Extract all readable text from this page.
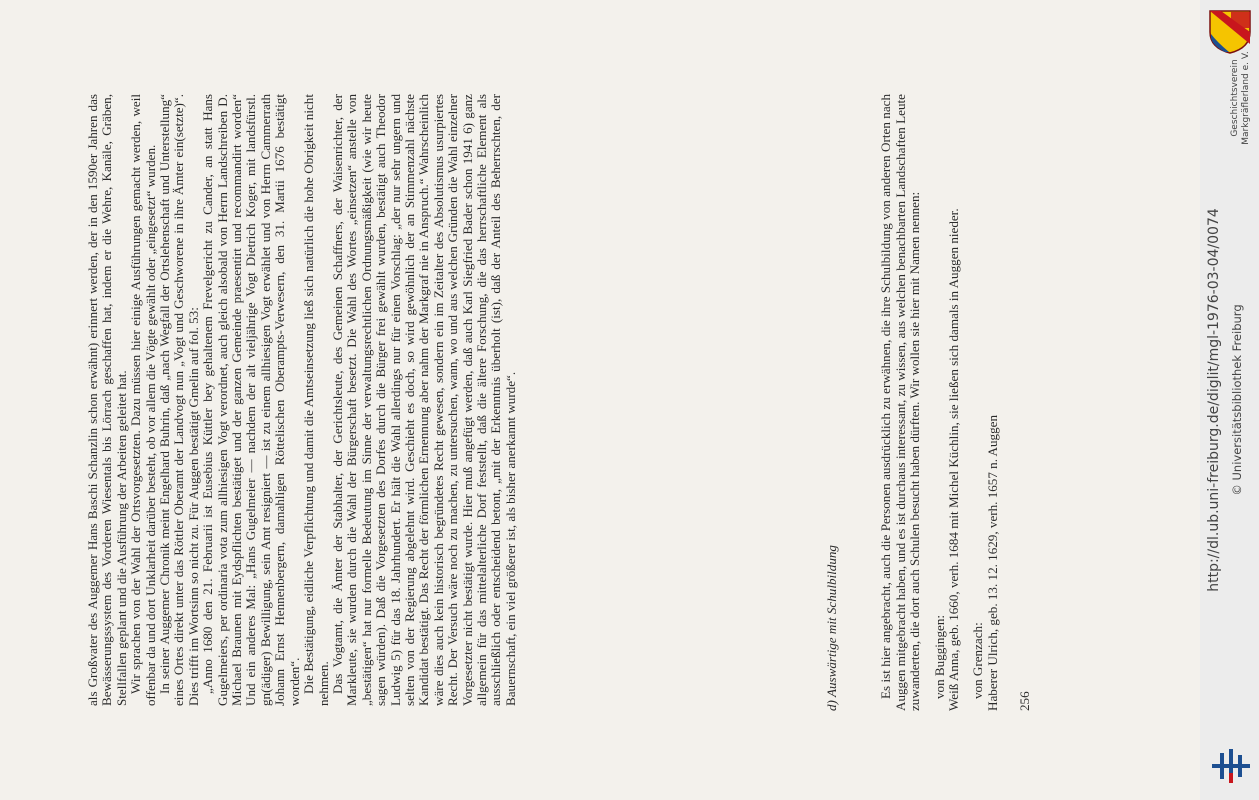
als Großvater des Auggemer Hans Baschi Schanzlin schon erwähnt) erinnert werden, der in den 1590er Jahren das Bewässerungssystem des Vorderen Wiesentals bis Lörrach geschaffen hat, indem er die Wehre, Kanäle, Gräben, Stellfallen geplant und die Ausführung der Arbeiten geleitet hat. Wir sprachen von der Wahl der Ortsvorgesetzten. Dazu müssen hier einige Ausführungen gemacht werden, weil offenbar da und dort Unklarheit darüber besteht, ob vor allem die Vögte gewählt oder „eingesetzt“ wurden. In seiner Auggemer Chronik meint Engelhard Buhrin, daß „nach Wegfall der Ortslehenschaft und Unterstellung“ eines Ortes direkt unter das Röttler Oberamt der Landvogt nun „Vogt und Geschworene in ihre Ämter ein(setzte)“. Dies trifft im Wortsinn so nicht zu. Für Auggen bestätigt Gmelin auf fol. 53: „Anno 1680 den 21. Februarii ist Eusebius Küttler bey gehaltenem Frevelgericht zu Cander, an statt Hans Gugelmeiers, per ordinaria vota zum allhiesigen Vogt verordnet, auch gleich alsobald von Herrn Landschreiben D. Michael Braunen mit Eydspflichten bestätiget und der ganzen Gemeinde praesentirt und recommandirt worden“ Und ein anderes Mal: „Hans Gugelmeier — nachdem der alt vieljährige Vogt Dietrich Koger, mit landsfürstl. gn(ädiger) Bewilligung, sein Amt resigniert — ist zu einem allhiesigen Vogt erwählet und von Herrn Cammerrath Johann Ernst Hennenbergern, damahligen Röttelischen Oberampts-Verwesern, den 31. Martii 1676 bestätigt worden“. Die Bestätigung, eidliche Verpflichtung und damit die Amtseinsetzung ließ sich natürlich die hohe Obrigkeit nicht nehmen. Das Vogtamt, die Ämter der Stabhalter, der Gerichtsleute, des Gemeinen Schaffners, der Waisenrichter, der Markleute, sie wurden durch die Wahl der Bürgerschaft besetzt. Die Wahl des Wortes „einsetzen“ anstelle von „bestätigen“ hat nur formelle Bedeutung im Sinne der verwaltungsrechtlichen Ordnungsmäßigkeit (wie wir heute sagen würden). Daß die Vorgesetzten des Dorfes durch die Bürger frei gewählt wurden, bestätigt auch Theodor Ludwig 5) für das 18. Jahrhundert. Er hält die Wahl allerdings nur für einen Vorschlag: „der nur sehr ungern und selten von der Regierung abgelehnt wird. Geschieht es doch, so wird gewöhnlich der an Stimmenzahl nächste Kandidat bestätigt. Das Recht der förmlichen Ernennung aber nahm der Markgraf nie in Anspruch.“ Wahrscheinlich wäre dies auch kein historisch begründetes Recht gewesen, sondern ein im Zeitalter des Absolutismus usurpiertes Recht. Der Versuch wäre noch zu machen, zu untersuchen, wann, wo und aus welchen Gründen die Wahl einzelner Vorgesetzter nicht bestätigt wurde. Hier muß angefügt werden, daß auch Karl Siegfried Bader schon 1941 6) ganz allgemein für das mittelalterliche Dorf feststellt, daß die ältere Forschung, die das herrschaftliche Element als ausschließlich oder entscheidend betont, „mit der Erkenntnis überholt (ist), daß der Anteil des Beherrschten, der Bauernschaft, ein viel größerer ist, als bisher anerkannt wurde“.	d) Auswärtige mit Schulbildung	Es ist hier angebracht, auch die Personen ausdrücklich zu erwähnen, die ihre Schulbildung von anderen Orten nach Auggen mitgebracht haben, und es ist durchaus interessant, zu wissen, aus welchen benachbarten Landschaften Leute zuwanderten, die dort auch Schulen besucht haben dürften. Wir wollen sie hier mit Namen nennen: von Buggingen: Weiß Anna, geb. 1660, verh. 1684 mit Michel Küchlin, sie ließen sich damals in Auggen nieder. von Grenzach: Haberer Ulrich, geb. 13. 12. 1629, verh. 1657 n. Auggen 256

http://dl.ub.uni-freiburg.de/diglit/mgl-1976-03-04/0074 © Universitätsbibliothek Freiburg
Geschichtsverein Markgräflerland e. V.
